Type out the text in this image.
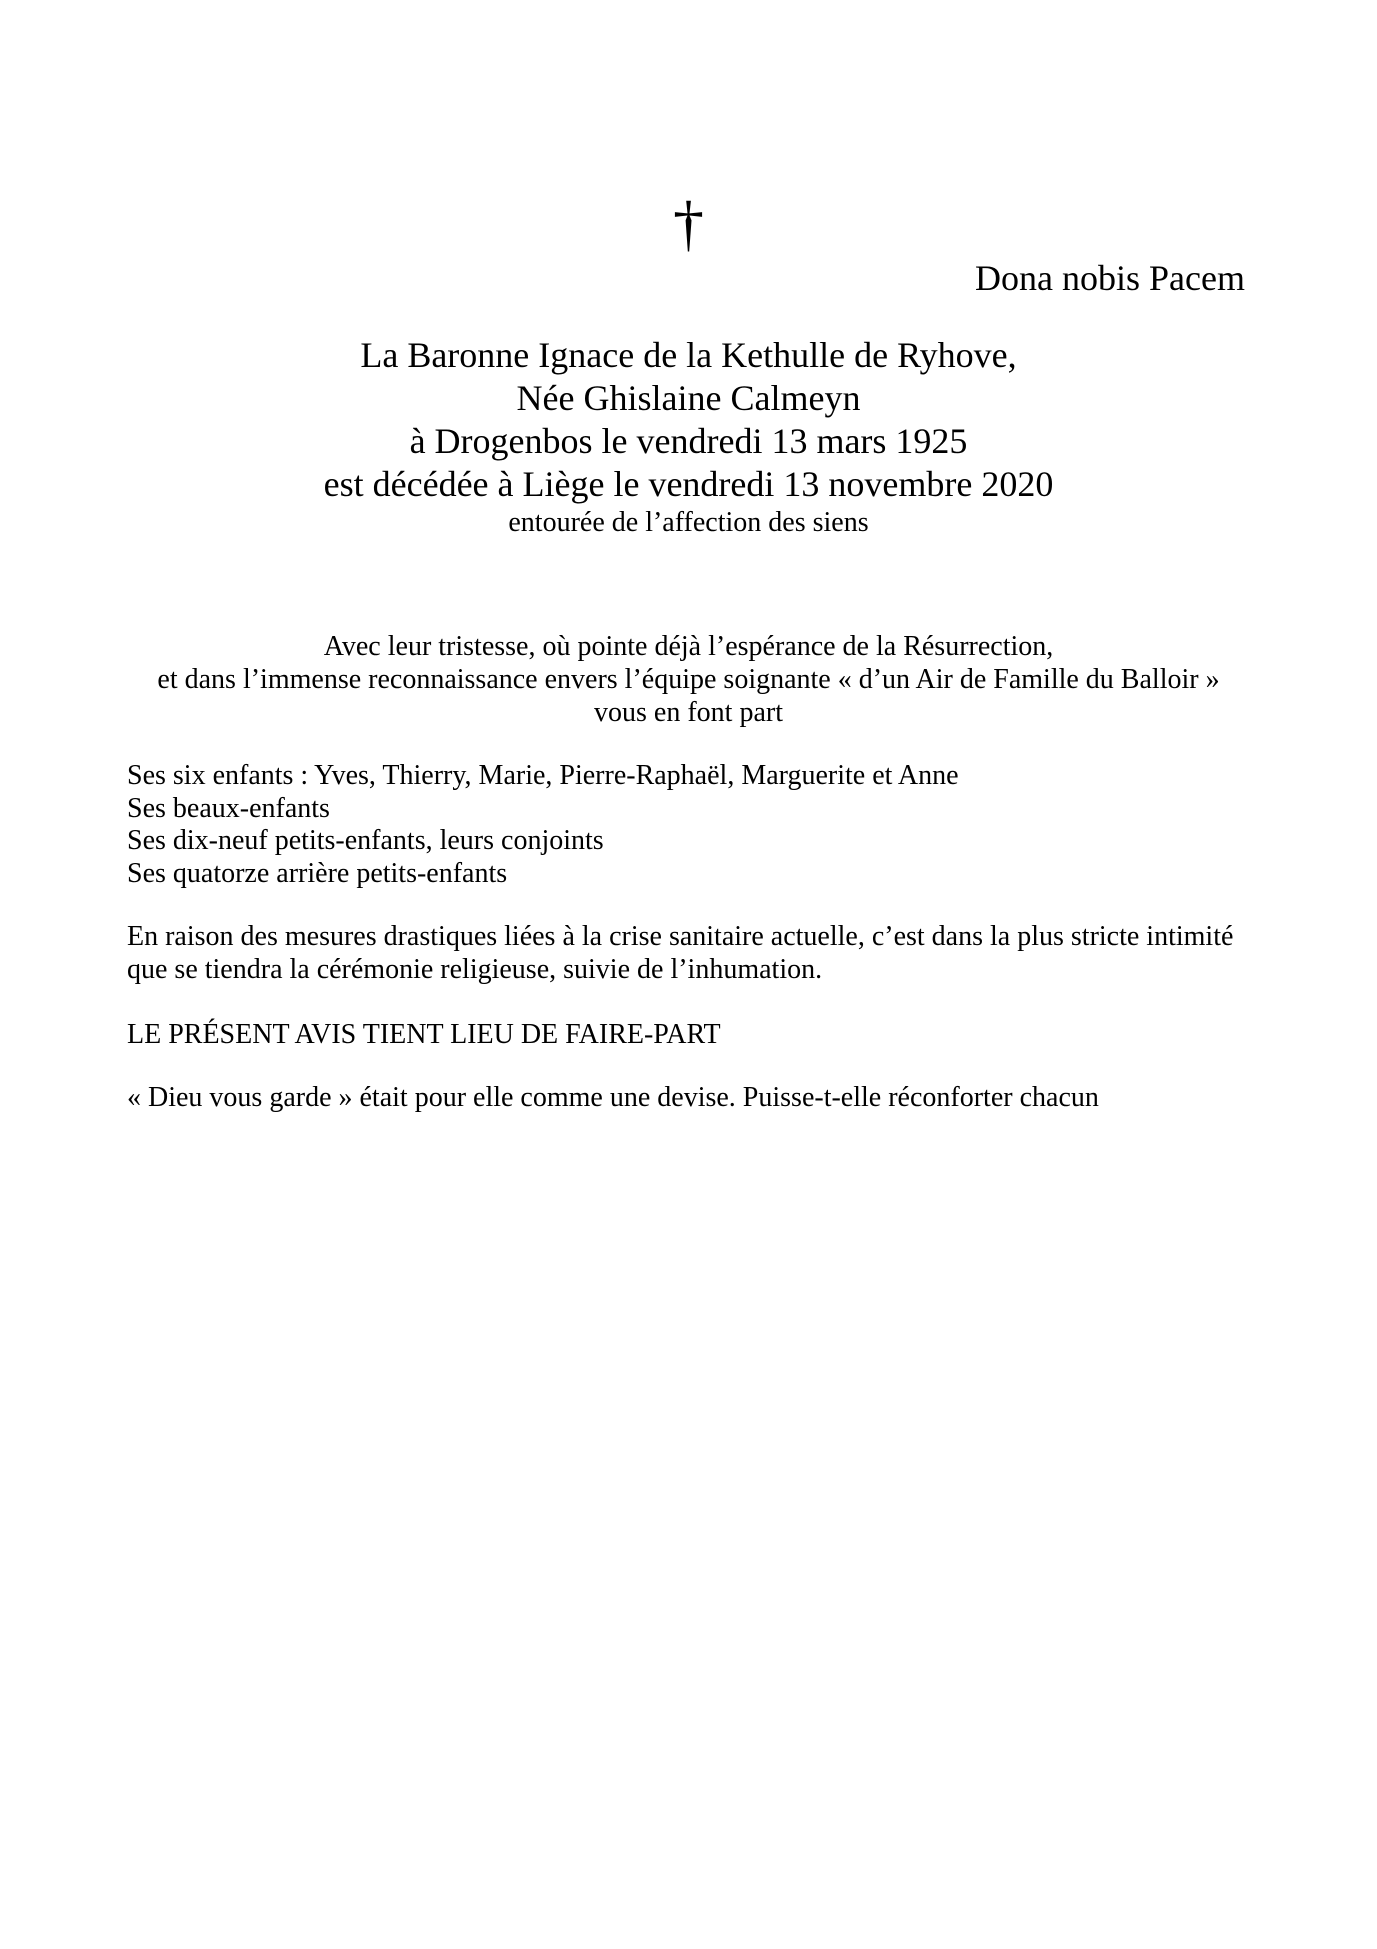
†
Dona nobis Pacem
La Baronne Ignace de la Kethulle de Ryhove,
Née Ghislaine Calmeyn
à Drogenbos le vendredi 13 mars 1925
est décédée à Liège le vendredi 13 novembre 2020
entourée de l’affection des siens
Avec leur tristesse, où pointe déjà l’espérance de la Résurrection,
et dans l’immense reconnaissance envers l’équipe soignante « d’un Air de Famille du Balloir »
vous en font part
Ses six enfants : Yves, Thierry, Marie, Pierre-Raphaël, Marguerite et Anne
Ses beaux-enfants
Ses dix-neuf petits-enfants, leurs conjoints
Ses quatorze arrière petits-enfants
En raison des mesures drastiques liées à la crise sanitaire actuelle, c’est dans la plus stricte intimité
que se tiendra la cérémonie religieuse, suivie de l’inhumation.
LE PRÉSENT AVIS TIENT LIEU DE FAIRE-PART
« Dieu vous garde » était pour elle comme une devise. Puisse-t-elle réconforter chacun
